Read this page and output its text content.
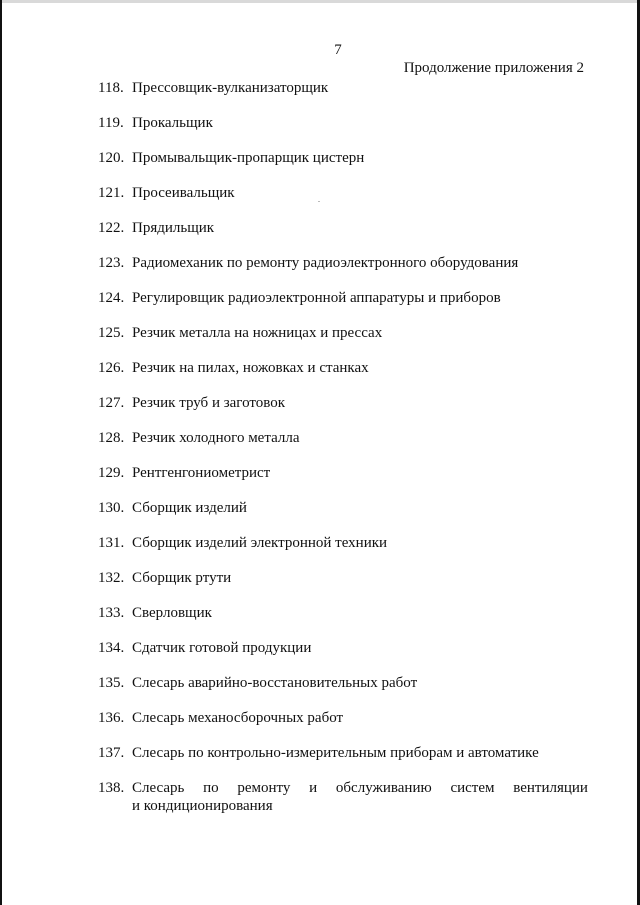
7
Продолжение приложения 2
118. Прессовщик-вулканизаторщик
119. Прокальщик
120. Промывальщик-пропарщик цистерн
121. Просеивальщик
122. Прядильщик
123. Радиомеханик по ремонту радиоэлектронного оборудования
124. Регулировщик радиоэлектронной аппаратуры и приборов
125. Резчик металла на ножницах и прессах
126. Резчик на пилах, ножовках и станках
127. Резчик труб и заготовок
128. Резчик холодного металла
129. Рентгенгониометрист
130. Сборщик изделий
131. Сборщик изделий электронной техники
132. Сборщик ртути
133. Сверловщик
134. Сдатчик готовой продукции
135. Слесарь аварийно-восстановительных работ
136. Слесарь механосборочных работ
137. Слесарь по контрольно-измерительным приборам и автоматике
138. Слесарь по ремонту и обслуживанию систем вентиляции
и кондиционирования
